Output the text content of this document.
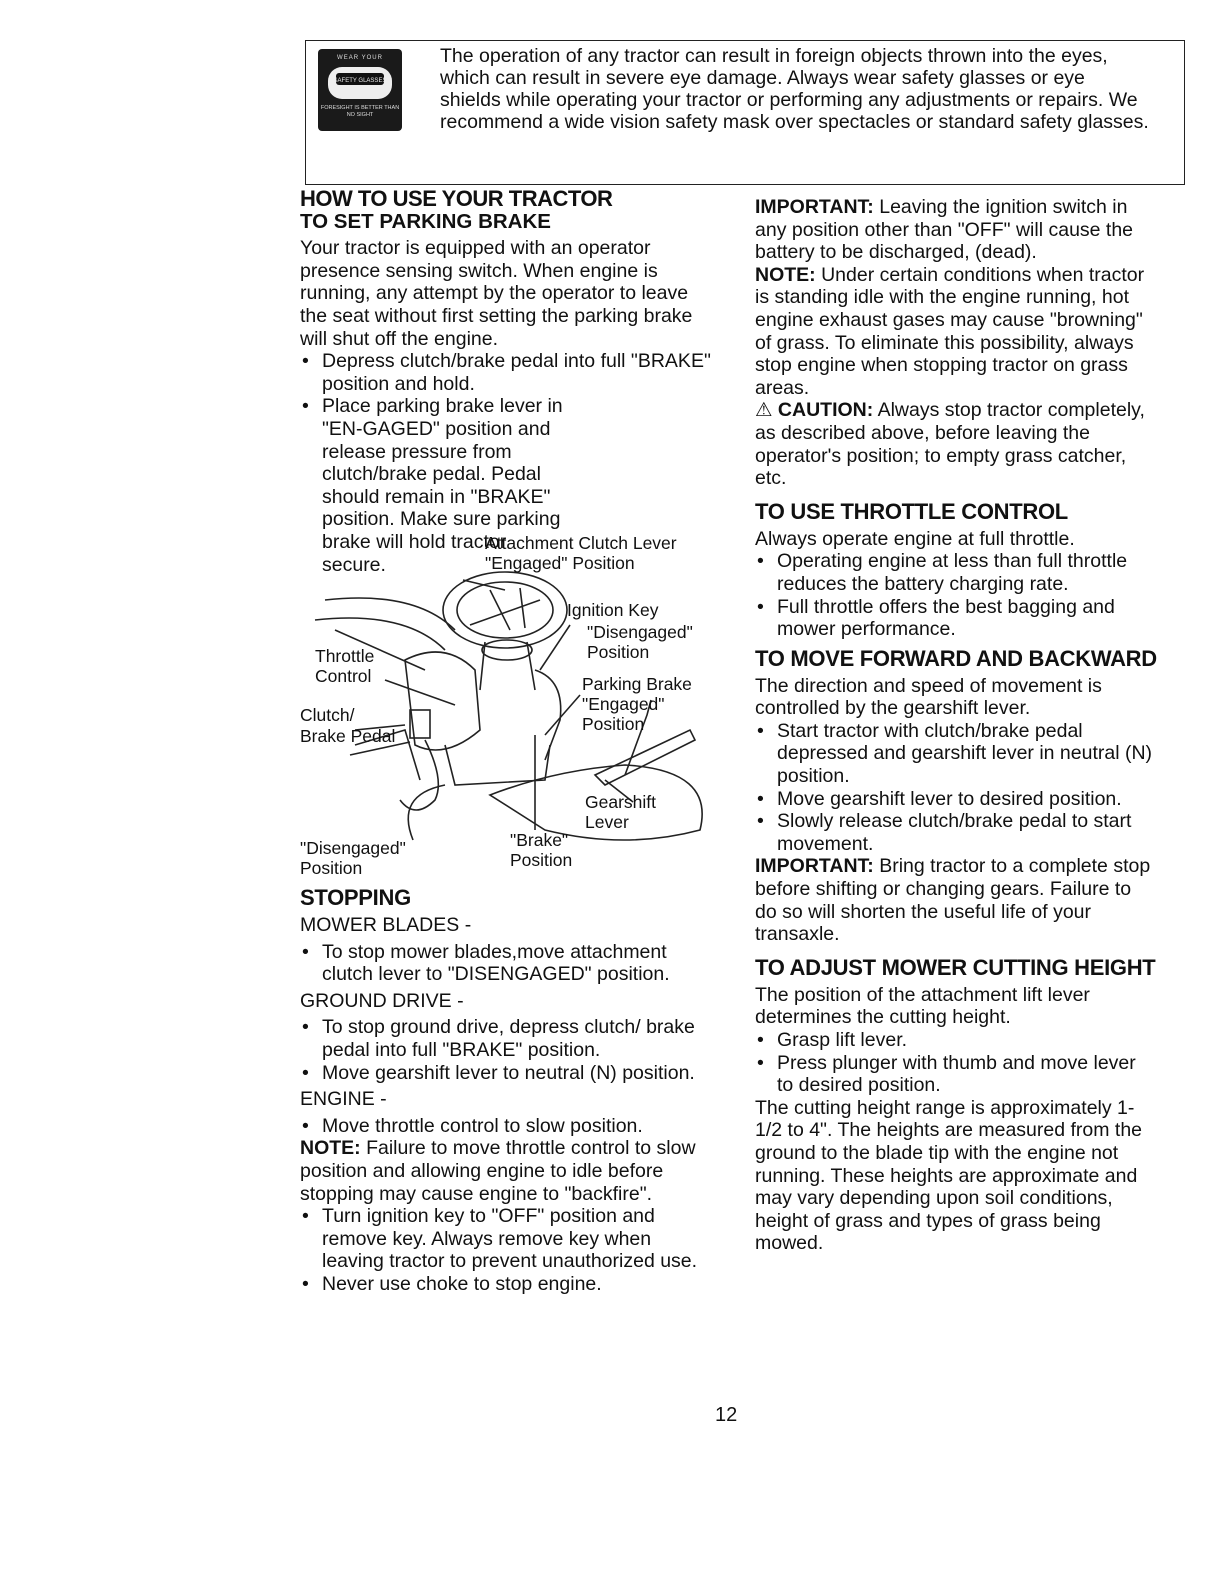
WEAR YOUR
SAFETY GLASSES
FORESIGHT IS BETTER THAN NO SIGHT
The operation of any tractor can result in foreign objects thrown into the eyes, which can result in severe eye damage. Always wear safety glasses or eye shields while operating your tractor or performing any adjustments or repairs. We recommend a wide vision safety mask over spectacles or standard safety glasses.

HOW TO USE YOUR TRACTOR

TO SET PARKING BRAKE

Your tractor is equipped with an operator presence sensing switch. When engine is running, any attempt by the operator to leave the seat without first setting the parking brake will shut off the engine.

• Depress clutch/brake pedal into full "BRAKE" position and hold.

• Place parking brake lever in "EN-GAGED" position and release pressure from clutch/brake pedal. Pedal should remain in "BRAKE" position. Make sure parking brake will hold tractor secure.

Attachment Clutch Lever
"Engaged" Position
Ignition Key
"Disengaged"
Position
Throttle
Control	Parking Brake
"Engaged"
Position
Clutch/
Brake Pedal
Gearshift
Lever
"Disengaged"
Position
"Brake"
Position

STOPPING

MOWER BLADES -

• To stop mower blades,move attachment clutch lever to "DISENGAGED" position.

GROUND DRIVE -

• To stop ground drive, depress clutch/ brake pedal into full "BRAKE" position.

• Move gearshift lever to neutral (N) position.

ENGINE -

• Move throttle control to slow position.

NOTE: Failure to move throttle control to slow position and allowing engine to idle before stopping may cause engine to "backfire".

• Turn ignition key to "OFF" position and remove key. Always remove key when leaving tractor to prevent unauthorized use.

• Never use choke to stop engine.

IMPORTANT: Leaving the ignition switch in any position other than "OFF" will cause the battery to be discharged, (dead).

NOTE: Under certain conditions when tractor is standing idle with the engine running, hot engine exhaust gases may cause "browning" of grass. To eliminate this possibility, always stop engine when stopping tractor on grass areas.

⚠ CAUTION: Always stop tractor completely, as described above, before leaving the operator's position; to empty grass catcher, etc.

TO USE THROTTLE CONTROL

Always operate engine at full throttle.

• Operating engine at less than full throttle reduces the battery charging rate.

• Full throttle offers the best bagging and mower performance.

TO MOVE FORWARD AND BACKWARD

The direction and speed of movement is controlled by the gearshift lever.

• Start tractor with clutch/brake pedal depressed and gearshift lever in neutral (N) position.

• Move gearshift lever to desired position.

• Slowly release clutch/brake pedal to start movement.

IMPORTANT: Bring tractor to a complete stop before shifting or changing gears. Failure to do so will shorten the useful life of your transaxle.

TO ADJUST MOWER CUTTING HEIGHT

The position of the attachment lift lever determines the cutting height.

• Grasp lift lever.

• Press plunger with thumb and move lever to desired position.

The cutting height range is approximately 1-1/2 to 4". The heights are measured from the ground to the blade tip with the engine not running. These heights are approximate and may vary depending upon soil conditions, height of grass and types of grass being mowed.

12
